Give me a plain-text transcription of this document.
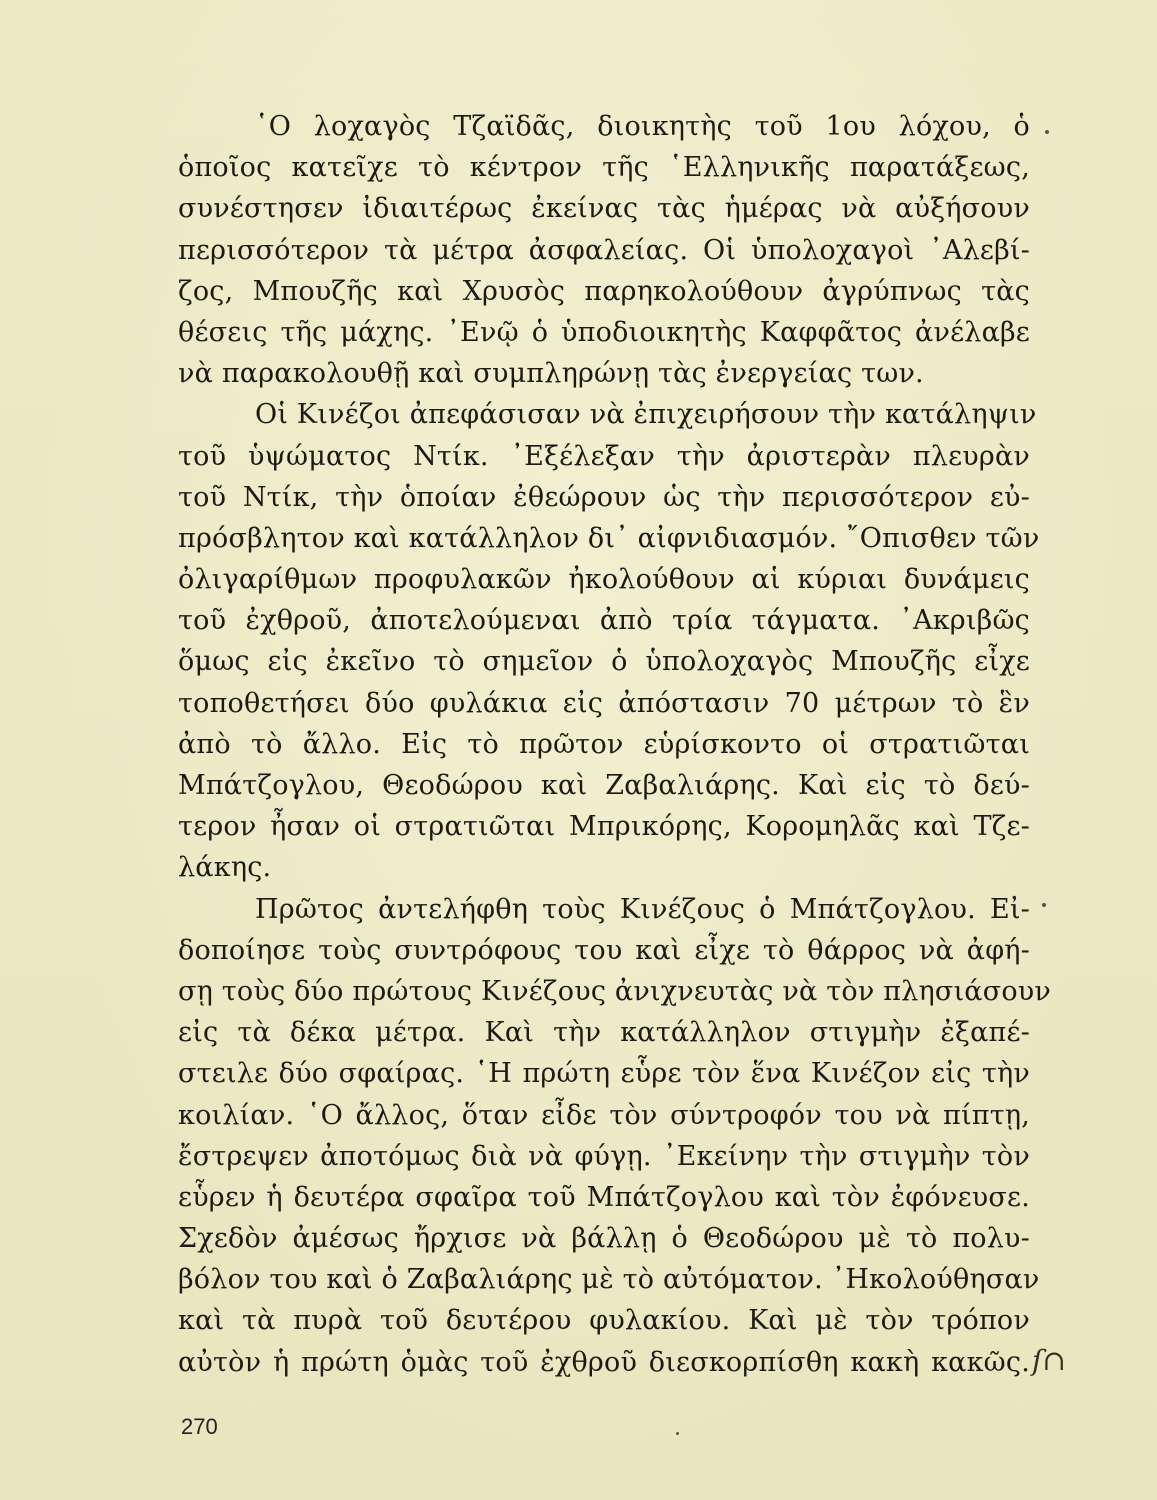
῾Ο λοχαγὸς Τζαϊδᾶς, διοικητὴς τοῦ 1ου λόχου, ὁ
ὁποῖος κατεῖχε τὸ κέντρον τῆς ῾Ελληνικῆς παρατάξεως,
συνέστησεν ἰδιαιτέρως ἐκείνας τὰς ἡμέρας νὰ αὐξήσουν
περισσότερον τὰ μέτρα ἀσφαλείας. Οἱ ὑπολοχαγοὶ ᾿Αλεβί-
ζος, Μπουζῆς καὶ Χρυσὸς παρηκολούθουν ἀγρύπνως τὰς
θέσεις τῆς μάχης. ᾿Ενῷ ὁ ὑποδιοικητὴς Καφφᾶτος ἀνέλαβε
νὰ παρακολουθῇ καὶ συμπληρώνῃ τὰς ἐνεργείας των.
Οἱ Κινέζοι ἀπεφάσισαν νὰ ἐπιχειρήσουν τὴν κατάληψιν
τοῦ ὑψώματος Ντίκ. ᾿Εξέλεξαν τὴν ἀριστερὰν πλευρὰν
τοῦ Ντίκ, τὴν ὁποίαν ἐθεώρουν ὡς τὴν περισσότερον εὐ-
πρόσβλητον καὶ κατάλληλον δι᾿ αἰφνιδιασμόν. ῎Οπισθεν τῶν
ὀλιγαρίθμων προφυλακῶν ἠκολούθουν αἱ κύριαι δυνάμεις
τοῦ ἐχθροῦ, ἀποτελούμεναι ἀπὸ τρία τάγματα. ᾿Ακριβῶς
ὅμως εἰς ἐκεῖνο τὸ σημεῖον ὁ ὑπολοχαγὸς Μπουζῆς εἶχε
τοποθετήσει δύο φυλάκια εἰς ἀπόστασιν 70 μέτρων τὸ ἓν
ἀπὸ τὸ ἄλλο. Εἰς τὸ πρῶτον εὑρίσκοντο οἱ στρατιῶται
Μπάτζογλου, Θεοδώρου καὶ Ζαβαλιάρης. Καὶ εἰς τὸ δεύ-
τερον ἦσαν οἱ στρατιῶται Μπρικόρης, Κορομηλᾶς καὶ Τζε-
λάκης.
Πρῶτος ἀντελήφθη τοὺς Κινέζους ὁ Μπάτζογλου. Εἰ-
δοποίησε τοὺς συντρόφους του καὶ εἶχε τὸ θάρρος νὰ ἀφή-
σῃ τοὺς δύο πρώτους Κινέζους ἀνιχνευτὰς νὰ τὸν πλησιάσουν
εἰς τὰ δέκα μέτρα. Καὶ τὴν κατάλληλον στιγμὴν ἐξαπέ-
στειλε δύο σφαίρας. ῾Η πρώτη εὗρε τὸν ἕνα Κινέζον εἰς τὴν
κοιλίαν. ῾Ο ἄλλος, ὅταν εἶδε τὸν σύντροφόν του νὰ πίπτῃ,
ἔστρεψεν ἀποτόμως διὰ νὰ φύγῃ. ᾿Εκείνην τὴν στιγμὴν τὸν
εὗρεν ἡ δευτέρα σφαῖρα τοῦ Μπάτζογλου καὶ τὸν ἐφόνευσε.
Σχεδὸν ἀμέσως ἤρχισε νὰ βάλλῃ ὁ Θεοδώρου μὲ τὸ πολυ-
βόλον του καὶ ὁ Ζαβαλιάρης μὲ τὸ αὐτόματον. ᾿Ηκολούθησαν
καὶ τὰ πυρὰ τοῦ δευτέρου φυλακίου. Καὶ μὲ τὸν τρόπον
αὐτὸν ἡ πρώτη ὁμὰς τοῦ ἐχθροῦ διεσκορπίσθη κακὴ κακῶς. ſ∩
270
